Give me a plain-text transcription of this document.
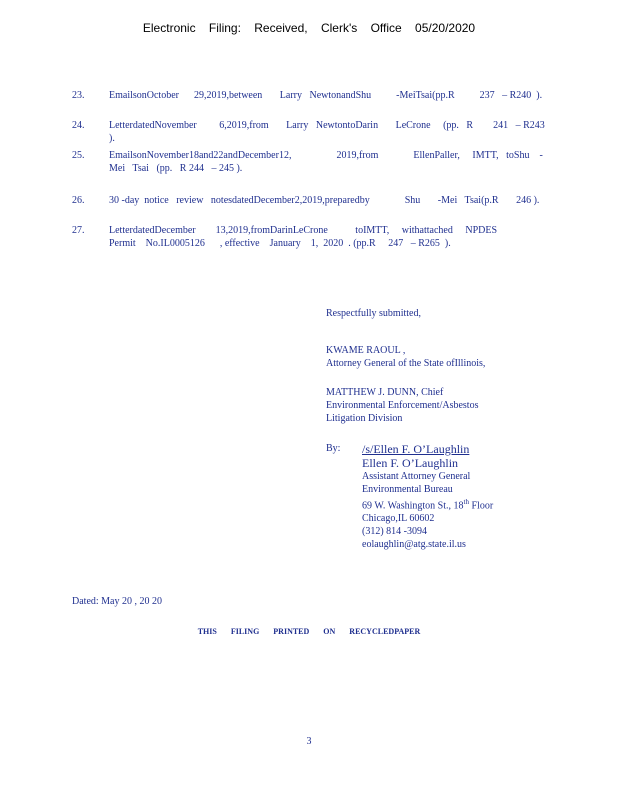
Electronic Filing: Received, Clerk's Office 05/20/2020
23.	EmailsonOctober      29,2019,between       Larry   NewtonandShu          -MeiTsai(pp.R          237   – R240  ).
24.	LetterdatedNovember         6,2019,from       Larry   NewtontoDarin       LeCrone     (pp.   R        241   – R243  ).
25.	EmailsonNovember18and22andDecember12,                  2019,from              EllenPaller,     IMTT,   toShu    -
Mei   Tsai   (pp.   R 244   – 245 ).
26.	30 -day  notice   review   notesdatedDecember2,2019,preparedby              Shu       -Mei   Tsai(p.R       246 ).
27.	LetterdatedDecember        13,2019,fromDarinLeCrone           toIMTT,     withattached     NPDES
Permit    No.IL0005126      , effective    January    1,  2020  . (pp.R     247   – R265  ).
Respectfully submitted,
KWAME RAOUL ,
Attorney General of the State ofIllinois,
MATTHEW J. DUNN, Chief
Environmental Enforcement/Asbestos
Litigation Division
By: /s/Ellen F. O’Laughlin
Ellen F. O’Laughlin
Assistant Attorney General
Environmental Bureau
69 W. Washington St., 18th Floor
Chicago,IL 60602
(312) 814 -3094
eolaughlin@atg.state.il.us
Dated: May 20 , 20 20
THIS FILING PRINTED ON RECYCLEDPAPER
3
